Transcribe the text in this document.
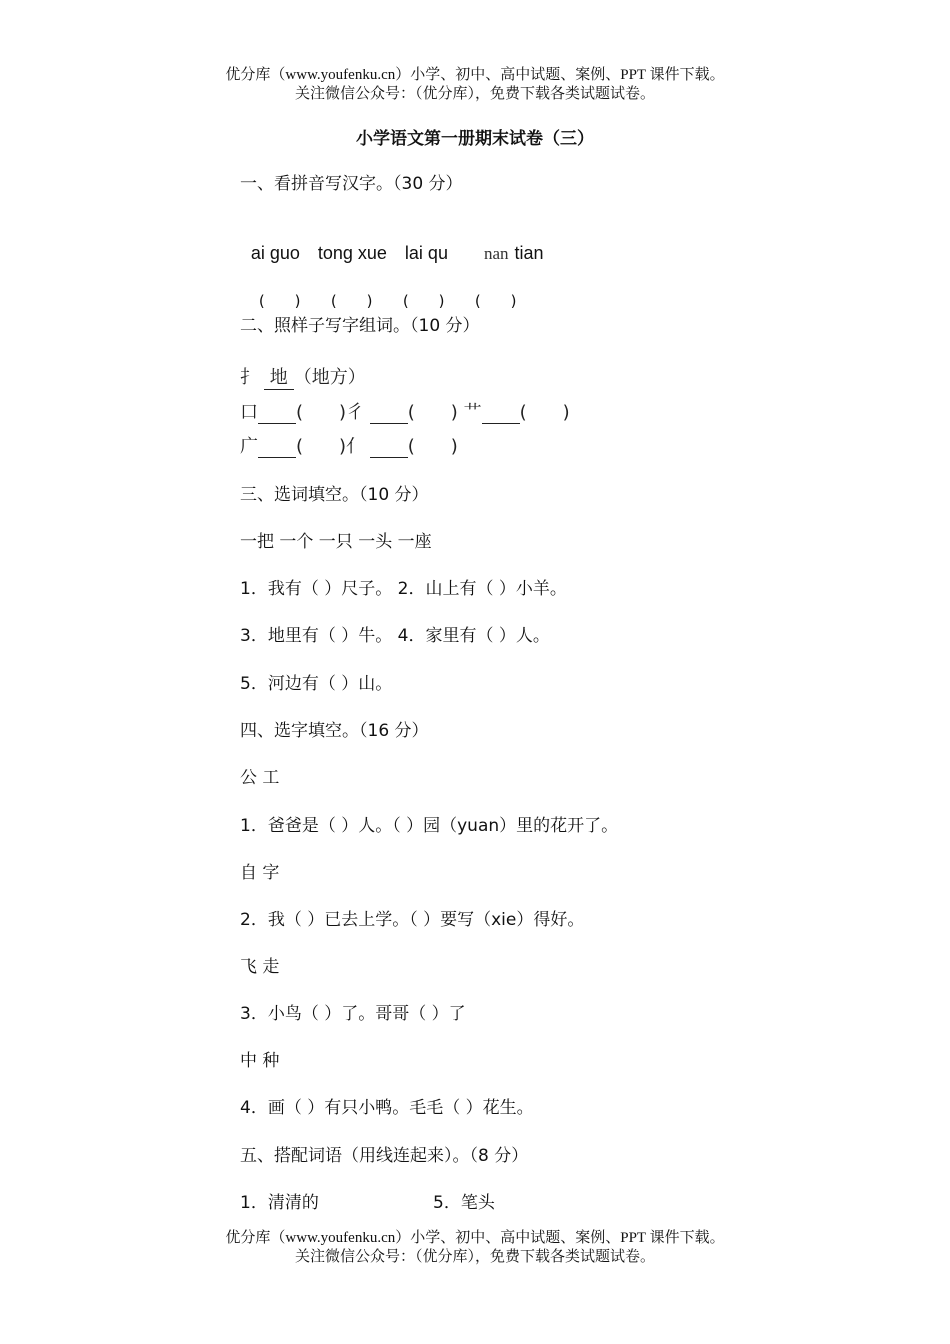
优分库（www.youfenku.cn）小学、初中、高中试题、案例、PPT 课件下载。
关注微信公众号：（优分库），免费下载各类试题试卷。
小学语文第一册期末试卷（三）
一、看拼音写汉字。（30 分）

ai guo tong xue lai qu nan tian

(　　) (　　) (　　) (　　)

二、照样子写字组词。（10 分）
扌 地 （地方）
口 (　　)彳 (　　) 艹 (　　)
广 (　　)亻 (　　)
三、选词填空。（10 分）
一把 一个 一只 一头 一座
1．我有（ ）尺子。 2．山上有（ ）小羊。
3．地里有（ ）牛。 4．家里有（ ）人。
5．河边有（ ）山。
四、选字填空。（16 分）
公 工
1．爸爸是（ ）人。（ ）园（yuan）里的花开了。
自 字
2．我（ ）已去上学。（ ）要写（xie）得好。
飞 走
3．小鸟（ ）了。哥哥（ ）了
中 种
4．画（ ）有只小鸭。毛毛（ ）花生。
五、搭配词语（用线连起来）。（8 分）
1．清清的	5．笔头
优分库（www.youfenku.cn）小学、初中、高中试题、案例、PPT 课件下载。
关注微信公众号：（优分库），免费下载各类试题试卷。
